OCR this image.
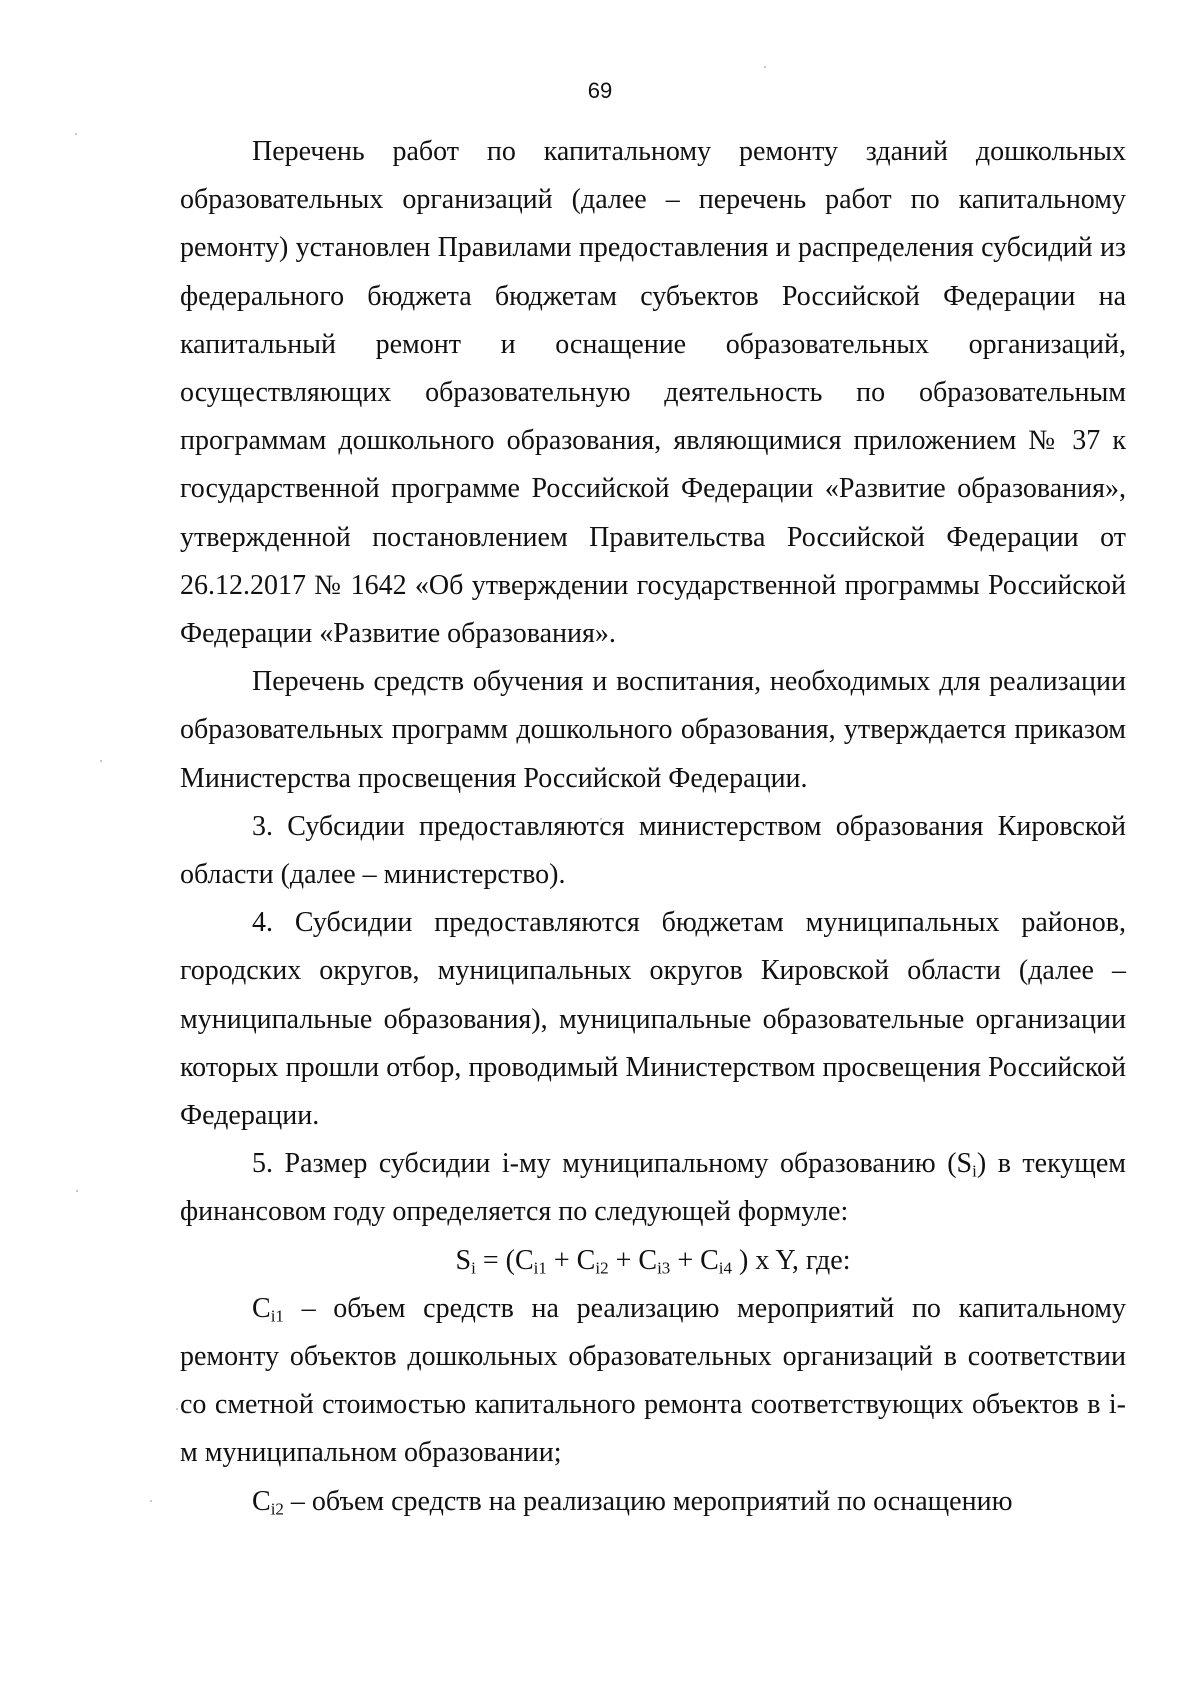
69

Перечень работ по капитальному ремонту зданий дошкольных образовательных организаций (далее – перечень работ по капитальному ремонту) установлен Правилами предоставления и распределения субсидий из федерального бюджета бюджетам субъектов Российской Федерации на капитальный ремонт и оснащение образовательных организаций, осуществляющих образовательную деятельность по образовательным программам дошкольного образования, являющимися приложением № 37 к государственной программе Российской Федерации «Развитие образования», утвержденной постановлением Правительства Российской Федерации от 26.12.2017 № 1642 «Об утверждении государственной программы Российской Федерации «Развитие образования».

Перечень средств обучения и воспитания, необходимых для реализации образовательных программ дошкольного образования, утверждается приказом Министерства просвещения Российской Федерации.

3. Субсидии предоставляются министерством образования Кировской области (далее – министерство).

4. Субсидии предоставляются бюджетам муниципальных районов, городских округов, муниципальных округов Кировской области (далее – муниципальные образования), муниципальные образовательные организации которых прошли отбор, проводимый Министерством просвещения Российской Федерации.

5. Размер субсидии i-му муниципальному образованию $(S_i)$ в текущем финансовом году определяется по следующей формуле:

$S_i = (C_{i1} + C_{i2} + C_{i3} + C_{i4}$ ) x Y, где:

$C_{i1}$ – объем средств на реализацию мероприятий по капитальному ремонту объектов дошкольных образовательных организаций в соответствии со сметной стоимостью капитального ремонта соответствующих объектов в i-м муниципальном образовании;

$C_{i2}$ – объем средств на реализацию мероприятий по оснащению
